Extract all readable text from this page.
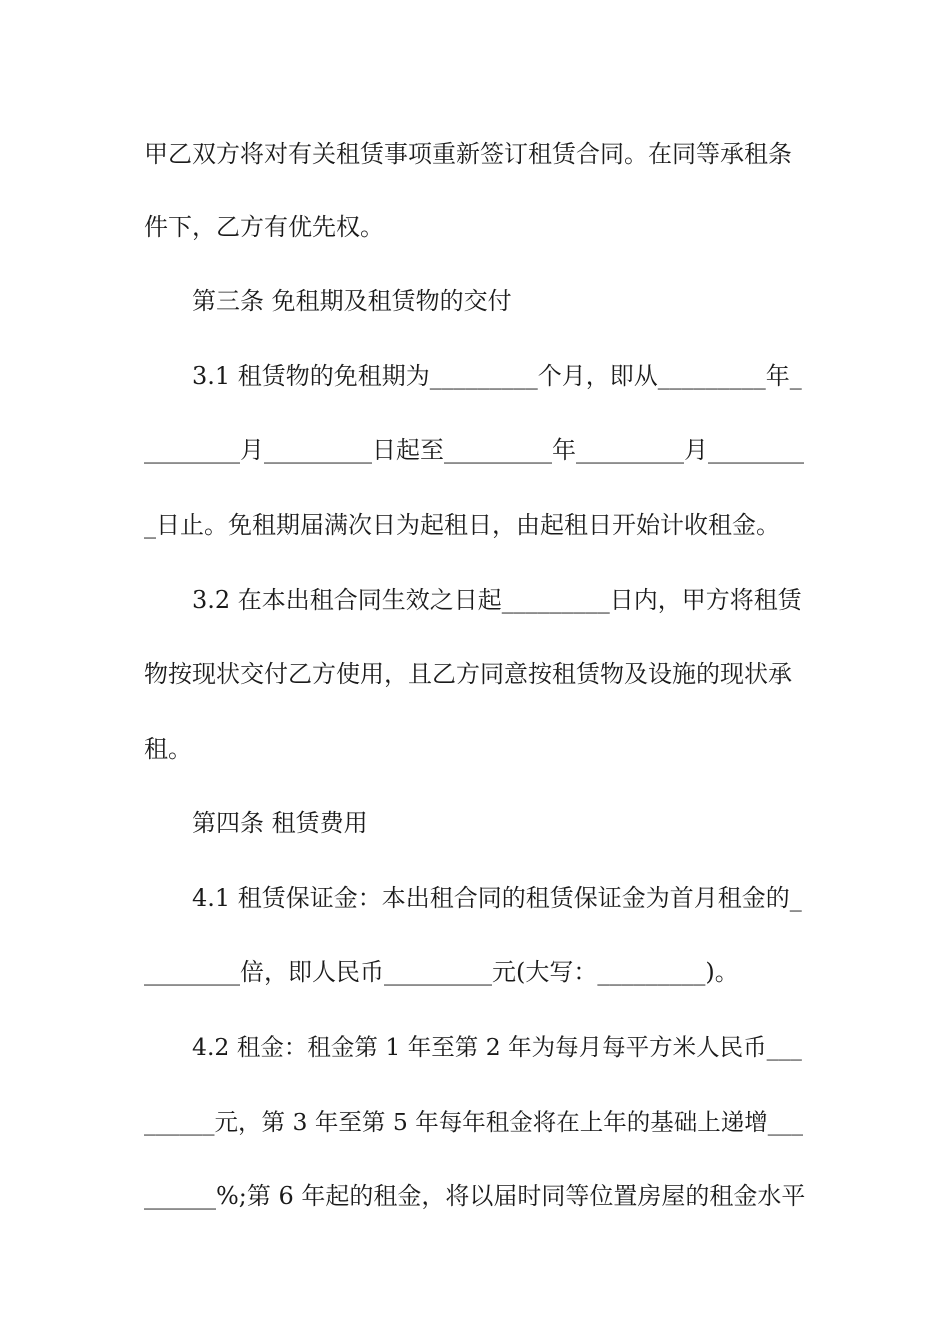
甲乙双方将对有关租赁事项重新签订租赁合同。在同等承租条
件下，乙方有优先权。
第三条 免租期及租赁物的交付
3.1 租赁物的免租期为_________个月，即从_________年_
________月_________日起至_________年_________月________
_日止。免租期届满次日为起租日，由起租日开始计收租金。
3.2 在本出租合同生效之日起_________日内，甲方将租赁
物按现状交付乙方使用，且乙方同意按租赁物及设施的现状承
租。
第四条 租赁费用
4.1 租赁保证金：本出租合同的租赁保证金为首月租金的_
________倍，即人民币_________元(大写：_________)。
4.2 租金：租金第 1 年至第 2 年为每月每平方米人民币___
______元，第 3 年至第 5 年每年租金将在上年的基础上递增___
______%;第 6 年起的租金，将以届时同等位置房屋的租金水平
